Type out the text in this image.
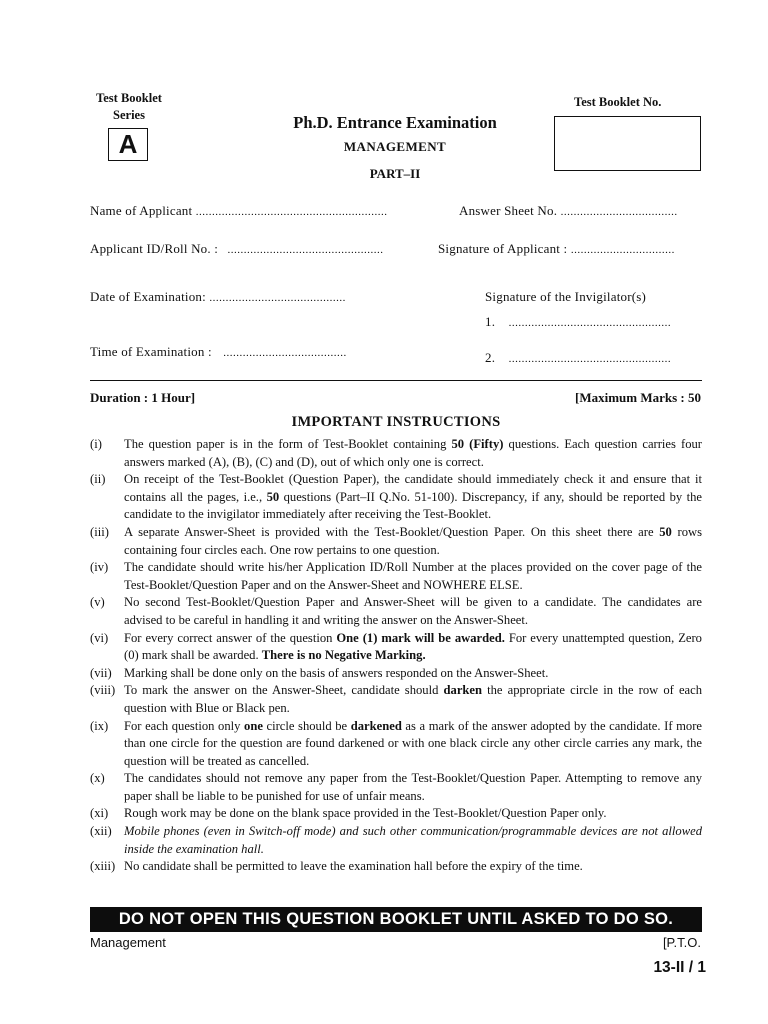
Test Booklet
Series
A
Ph.D. Entrance Examination
MANAGEMENT
PART–II
Test Booklet No.
Name of Applicant ...........................................................	Answer Sheet No. ....................................
Applicant ID/Roll No. : ................................................	Signature of Applicant : ................................
Date of Examination: ..........................................	Signature of the Invigilator(s)
1. ..................................................
Time of Examination : ......................................	2. ..................................................
Duration : 1 Hour]	[Maximum Marks : 50
IMPORTANT INSTRUCTIONS
(i)	The question paper is in the form of Test-Booklet containing 50 (Fifty) questions. Each question carries four answers marked (A), (B), (C) and (D), out of which only one is correct.
(ii)	On receipt of the Test-Booklet (Question Paper), the candidate should immediately check it and ensure that it contains all the pages, i.e., 50 questions (Part–II Q.No. 51-100). Discrepancy, if any, should be reported by the candidate to the invigilator immediately after receiving the Test-Booklet.
(iii)	A separate Answer-Sheet is provided with the Test-Booklet/Question Paper. On this sheet there are 50 rows containing four circles each. One row pertains to one question.
(iv)	The candidate should write his/her Application ID/Roll Number at the places provided on the cover page of the Test-Booklet/Question Paper and on the Answer-Sheet and NOWHERE ELSE.
(v)	No second Test-Booklet/Question Paper and Answer-Sheet will be given to a candidate. The candidates are advised to be careful in handling it and writing the answer on the Answer-Sheet.
(vi)	For every correct answer of the question One (1) mark will be awarded. For every unattempted question, Zero (0) mark shall be awarded. There is no Negative Marking.
(vii) Marking shall be done only on the basis of answers responded on the Answer-Sheet.
(viii) To mark the answer on the Answer-Sheet, candidate should darken the appropriate circle in the row of each question with Blue or Black pen.
(ix)	For each question only one circle should be darkened as a mark of the answer adopted by the candidate. If more than one circle for the question are found darkened or with one black circle any other circle carries any mark, the question will be treated as cancelled.
(x)	The candidates should not remove any paper from the Test-Booklet/Question Paper. Attempting to remove any paper shall be liable to be punished for use of unfair means.
(xi)	Rough work may be done on the blank space provided in the Test-Booklet/Question Paper only.
(xii) Mobile phones (even in Switch-off mode) and such other communication/programmable devices are not allowed inside the examination hall.
(xiii) No candidate shall be permitted to leave the examination hall before the expiry of the time.
DO NOT OPEN THIS QUESTION BOOKLET UNTIL ASKED TO DO SO.
Management	[P.T.O.
13-II / 1
